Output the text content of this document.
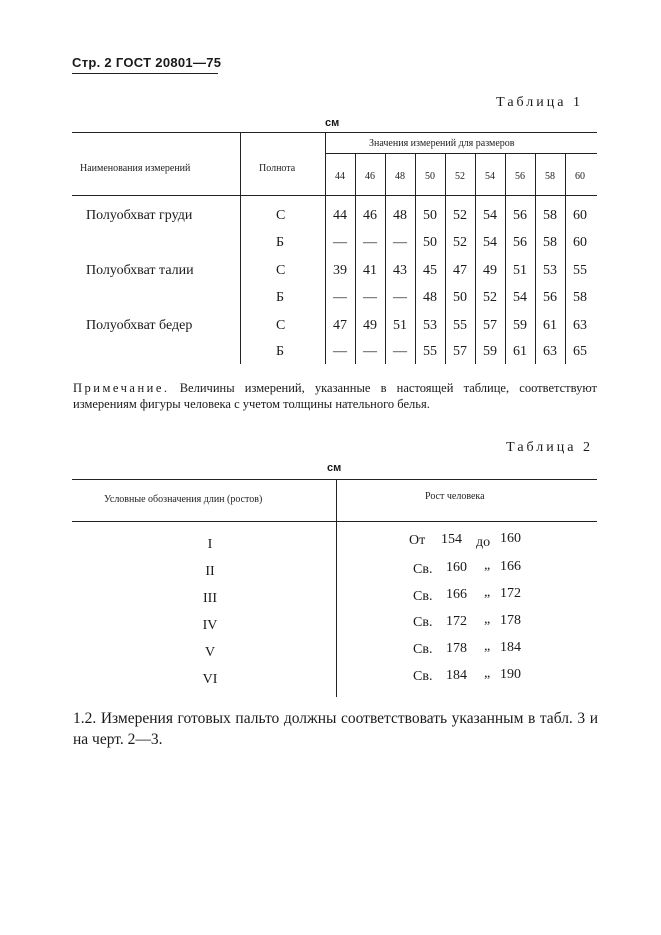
Стр. 2 ГОСТ 20801—75
Таблица 1
см
Наименования измерений	Полнота
Значения измерений для размеров
44	46	48	50	52	54	56	58	60
Полуобхват груди	С	44	46	48	50	52	54	56	58	60
Б	—	—	—	50	52	54	56	58	60
Полуобхват талии	С	39	41	43	45	47	49	51	53	55
Б	—	—	—	48	50	52	54	56	58
Полуобхват бедер	С	47	49	51	53	55	57	59	61	63
Б	—	—	—	55	57	59	61	63	65
Примечание. Величины измерений, указанные в настоящей таблице, соответствуют измерениям фигуры человека с учетом толщины нательного белья.
Таблица 2
см
Условные обозначения длин (ростов)	Рост человека
I	От 154 до 160
II	Св. 160 „ 166
III	Св. 166 „ 172
IV	Св. 172 „ 178
V	Св. 178 „ 184
VI	Св. 184 „ 190
1.2. Измерения готовых пальто должны соответствовать указанным в табл. 3 и на черт. 2—3.
